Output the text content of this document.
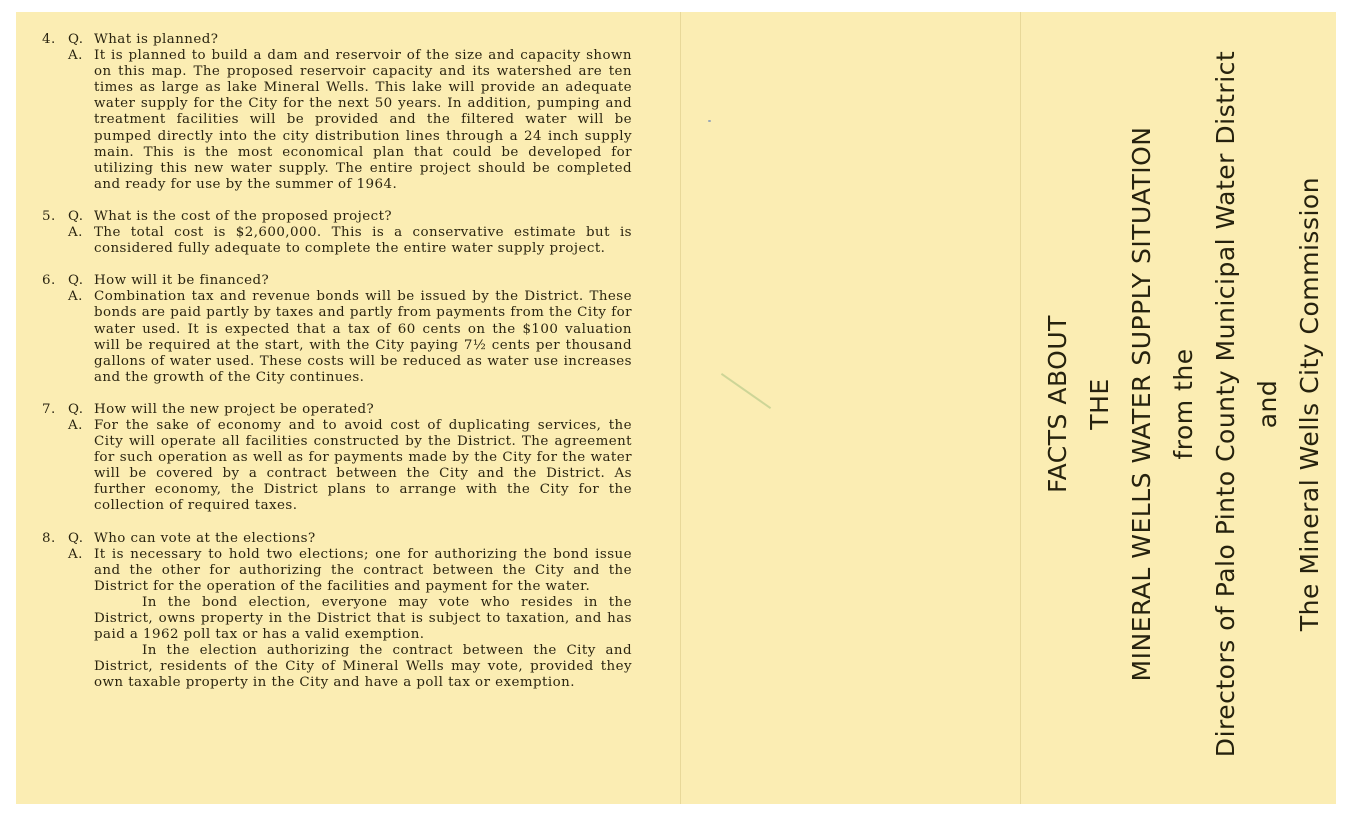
4. Q. What is planned?
A. It is planned to build a dam and reservoir of the size and capacity shown on this map. The proposed reservoir capacity and its watershed are ten times as large as lake Mineral Wells. This lake will provide an adequate water supply for the City for the next 50 years. In addition, pumping and treatment facilities will be provided and the filtered water will be pumped directly into the city distribution lines through a 24 inch supply main. This is the most economical plan that could be developed for utilizing this new water supply. The entire project should be completed and ready for use by the summer of 1964.
5. Q. What is the cost of the proposed project?
A. The total cost is $2,600,000. This is a conservative estimate but is considered fully adequate to complete the entire water supply project.
6. Q. How will it be financed?
A. Combination tax and revenue bonds will be issued by the District. These bonds are paid partly by taxes and partly from payments from the City for water used. It is expected that a tax of 60 cents on the $100 valuation will be required at the start, with the City paying 7½ cents per thousand gallons of water used. These costs will be reduced as water use increases and the growth of the City continues.
7. Q. How will the new project be operated?
A. For the sake of economy and to avoid cost of duplicating services, the City will operate all facilities constructed by the District. The agreement for such operation as well as for payments made by the City for the water will be covered by a contract between the City and the District. As further economy, the District plans to arrange with the City for the collection of required taxes.
8. Q. Who can vote at the elections?
A. It is necessary to hold two elections; one for authorizing the bond issue and the other for authorizing the contract between the City and the District for the operation of the facilities and payment for the water.
In the bond election, everyone may vote who resides in the District, owns property in the District that is subject to taxation, and has paid a 1962 poll tax or has a valid exemption.
In the election authorizing the contract between the City and District, residents of the City of Mineral Wells may vote, provided they own taxable property in the City and have a poll tax or exemption.
FACTS ABOUT THE MINERAL WELLS WATER SUPPLY SITUATION from the Directors of Palo Pinto County Municipal Water District and The Mineral Wells City Commission
